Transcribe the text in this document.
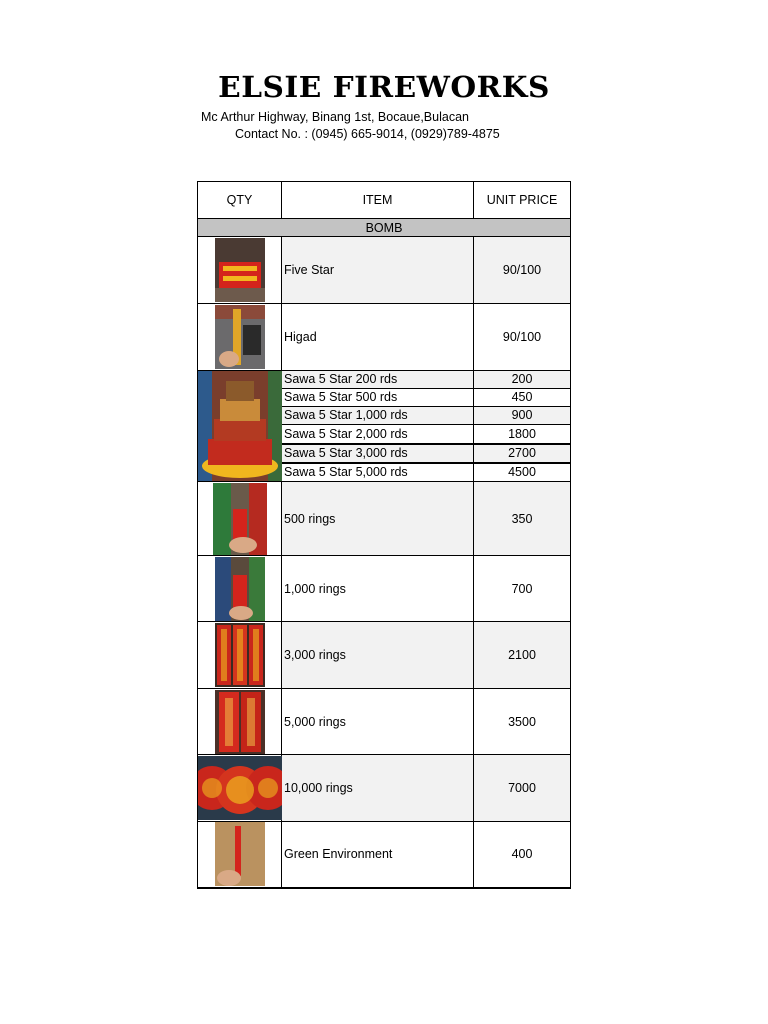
ELSIE FIREWORKS
Mc Arthur Highway, Binang 1st, Bocaue,Bulacan
Contact No. : (0945) 665-9014, (0929)789-4875
QTY	ITEM	UNIT PRICE
BOMB		
	Five Star	90/100
	Higad	90/100
	Sawa 5 Star 200 rds	200
	Sawa 5 Star 500 rds	450
	Sawa 5 Star 1,000 rds	900
	Sawa 5 Star 2,000 rds	1800
	Sawa 5 Star 3,000 rds	2700
	Sawa 5 Star 5,000 rds	4500
	500 rings	350
	1,000 rings	700
	3,000 rings	2100
	5,000 rings	3500
	10,000 rings	7000
	Green Environment	400
